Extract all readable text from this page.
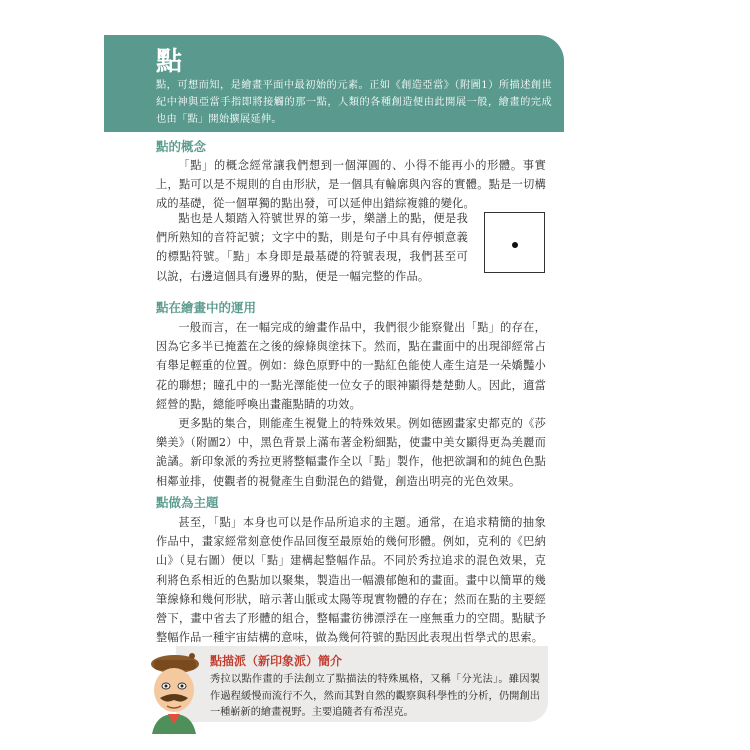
點
點，可想而知，是繪畫平面中最初始的元素。正如《創造亞當》（附圖1）所描述創世紀中神與亞當手指即將接觸的那一點，人類的各種創造便由此開展一般，繪畫的完成也由「點」開始擴展延伸。
點的概念

「點」的概念經常讓我們想到一個渾圓的、小得不能再小的形體。事實上，點可以是不規則的自由形狀，是一個具有輪廓與內容的實體。點是一切構成的基礎，從一個單獨的點出發，可以延伸出錯綜複雜的變化。

點也是人類踏入符號世界的第一步，樂譜上的點，便是我們所熟知的音符記號；文字中的點，則是句子中具有停頓意義的標點符號。「點」本身即是最基礎的符號表現，我們甚至可以說，右邊這個具有邊界的點，便是一幅完整的作品。

點在繪畫中的運用

一般而言，在一幅完成的繪畫作品中，我們很少能察覺出「點」的存在，因為它多半已掩蓋在之後的線條與塗抹下。然而，點在畫面中的出現卻經常占有舉足輕重的位置。例如：綠色原野中的一點紅色能使人產生這是一朵嬌豔小花的聯想；瞳孔中的一點光澤能使一位女子的眼神顯得楚楚動人。因此，適當經營的點，總能呼喚出畫龍點睛的功效。

更多點的集合，則能產生視覺上的特殊效果。例如德國畫家史都克的《莎樂美》（附圖2）中，黑色背景上滿布著金粉細點，使畫中美女顯得更為美麗而詭譎。新印象派的秀拉更將整幅畫作全以「點」製作，他把欲調和的純色色點相鄰並排，使觀者的視覺產生自動混色的錯覺，創造出明亮的光色效果。

點做為主題

甚至，「點」本身也可以是作品所追求的主題。通常，在追求精簡的抽象作品中，畫家經常刻意使作品回復至最原始的幾何形體。例如，克利的《巴納山》（見右圖）便以「點」建構起整幅作品。不同於秀拉追求的混色效果，克利將色系相近的色點加以聚集，製造出一幅濃郁飽和的畫面。畫中以簡單的幾筆線條和幾何形狀，暗示著山脈或太陽等現實物體的存在；然而在點的主要經營下，畫中省去了形體的組合，整幅畫彷彿漂浮在一座無重力的空間。點賦予整幅作品一種宇宙結構的意味，做為幾何符號的點因此表現出哲學式的思索。

點描派（新印象派）簡介

秀拉以點作畫的手法創立了點描法的特殊風格，又稱「分光法」。雖因製作過程緩慢而流行不久，然而其對自然的觀察與科學性的分析，仍開創出一種嶄新的繪畫視野。主要追隨者有希涅克。
